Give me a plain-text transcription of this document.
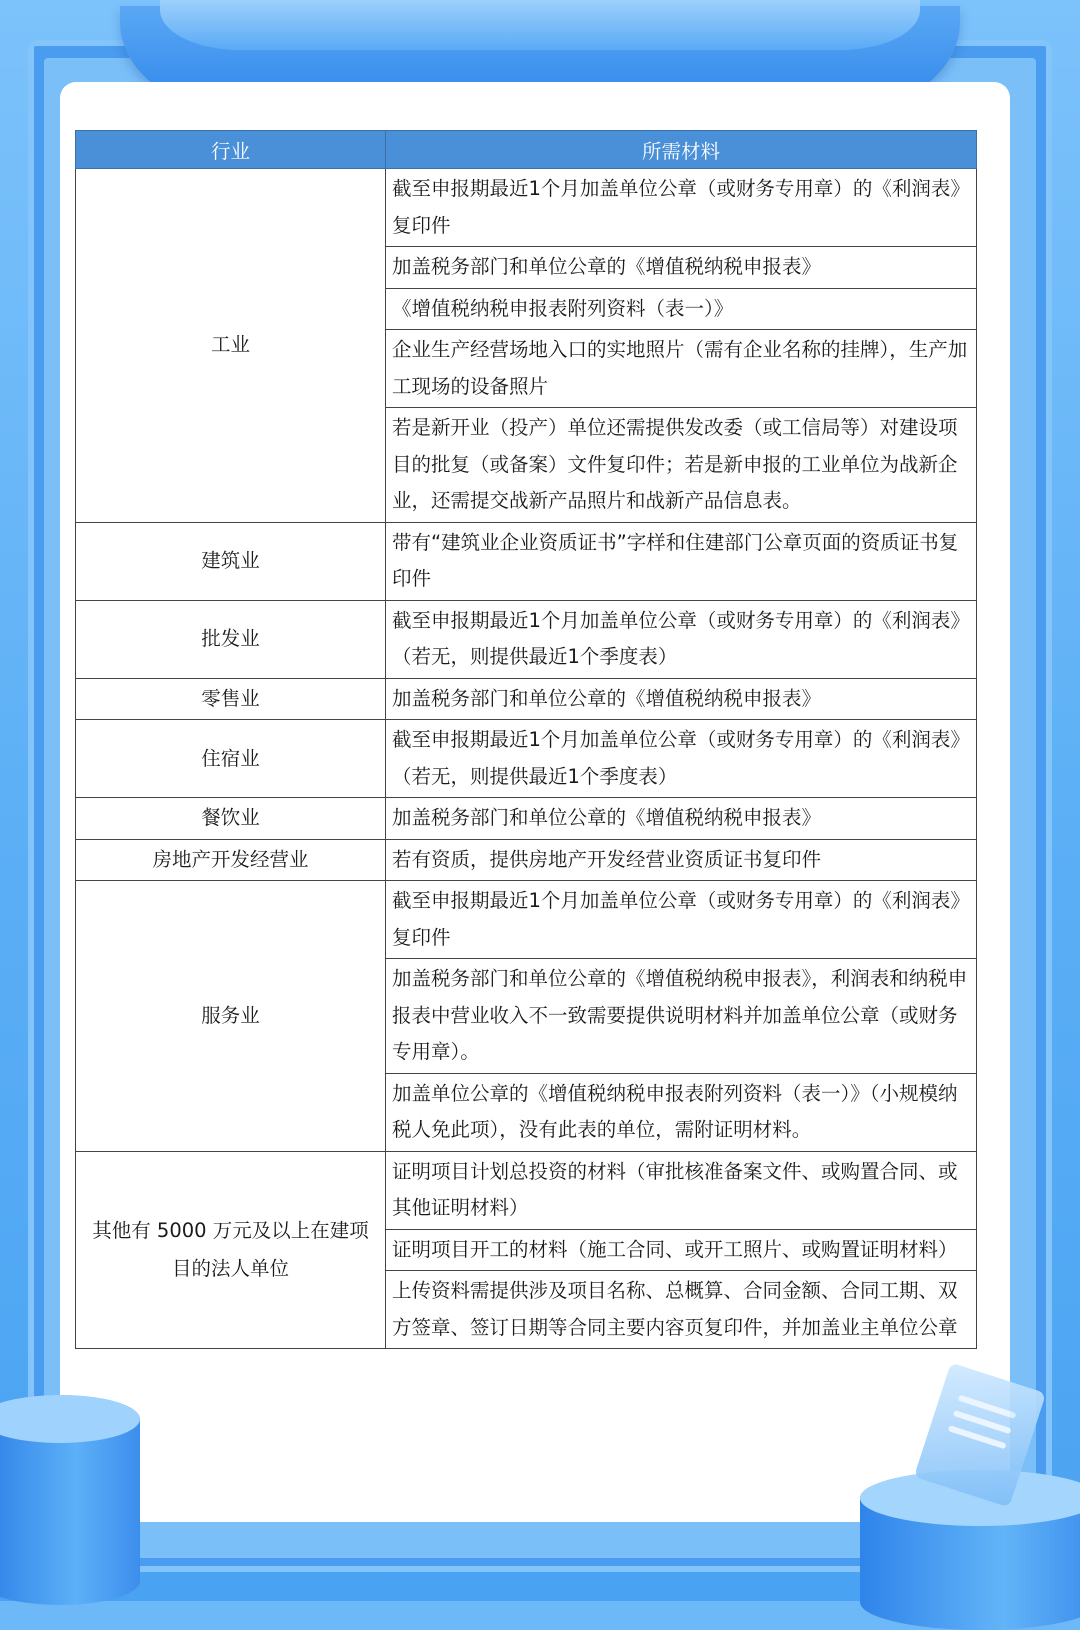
行业	所需材料
工业	截至申报期最近1个月加盖单位公章（或财务专用章）的《利润表》复印件
	加盖税务部门和单位公章的《增值税纳税申报表》
	《增值税纳税申报表附列资料（表一）》
	企业生产经营场地入口的实地照片（需有企业名称的挂牌），生产加工现场的设备照片
	若是新开业（投产）单位还需提供发改委（或工信局等）对建设项目的批复（或备案）文件复印件；若是新申报的工业单位为战新企业，还需提交战新产品照片和战新产品信息表。
建筑业	带有“建筑业企业资质证书”字样和住建部门公章页面的资质证书复印件
批发业	截至申报期最近1个月加盖单位公章（或财务专用章）的《利润表》（若无，则提供最近1个季度表）
零售业	加盖税务部门和单位公章的《增值税纳税申报表》
住宿业	截至申报期最近1个月加盖单位公章（或财务专用章）的《利润表》（若无，则提供最近1个季度表）
餐饮业	加盖税务部门和单位公章的《增值税纳税申报表》
房地产开发经营业	若有资质，提供房地产开发经营业资质证书复印件
服务业	截至申报期最近1个月加盖单位公章（或财务专用章）的《利润表》复印件
	加盖税务部门和单位公章的《增值税纳税申报表》，利润表和纳税申报表中营业收入不一致需要提供说明材料并加盖单位公章（或财务专用章）。
	加盖单位公章的《增值税纳税申报表附列资料（表一）》（小规模纳税人免此项），没有此表的单位，需附证明材料。
其他有 5000 万元及以上在建项目的法人单位	证明项目计划总投资的材料（审批核准备案文件、或购置合同、或其他证明材料）
	证明项目开工的材料（施工合同、或开工照片、或购置证明材料）
	上传资料需提供涉及项目名称、总概算、合同金额、合同工期、双方签章、签订日期等合同主要内容页复印件，并加盖业主单位公章
